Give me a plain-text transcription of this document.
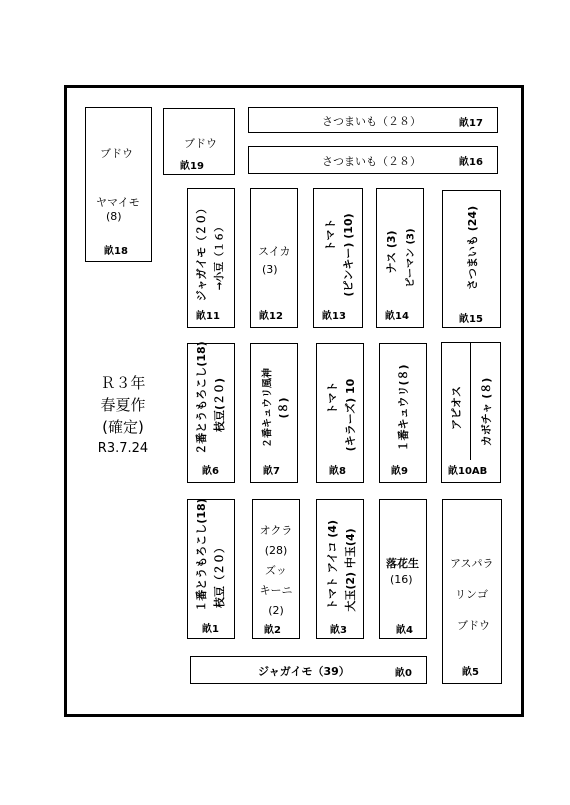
Ｒ３年
春夏作
(確定)
R3.7.24
ブドウ
ヤマイモ
(8)
畝18
ブドウ
畝19
さつまいも（２８）	畝17
さつまいも（２８）	畝16
ジャガイモ（２０） →小豆（１６）
畝11
スイカ
(3)
畝12
トマト (ピンキー) (10)
畝13
ナス (3) ピーマン (3)
畝14
さつまいも (24)
畝15
２番とうもろこし(18) 枝豆(２０)
畝6
２番キュウリ風神 (８)
畝7
トマト (キラーズ) 10
畝8
１番キュウリ(８)
畝9
アピオス カボチャ (８)
畝10AB
１番とうもろこし(18) 枝豆（２０）
畝1
オクラ
(28)
ズッ
キーニ
(2)
畝2
トマト アイコ (4) 大玉(2) 中玉(4)
畝3
落花生
(16)
畝4
アスパラ
リンゴ
ブドウ
畝5
ジャガイモ（39）	畝0
